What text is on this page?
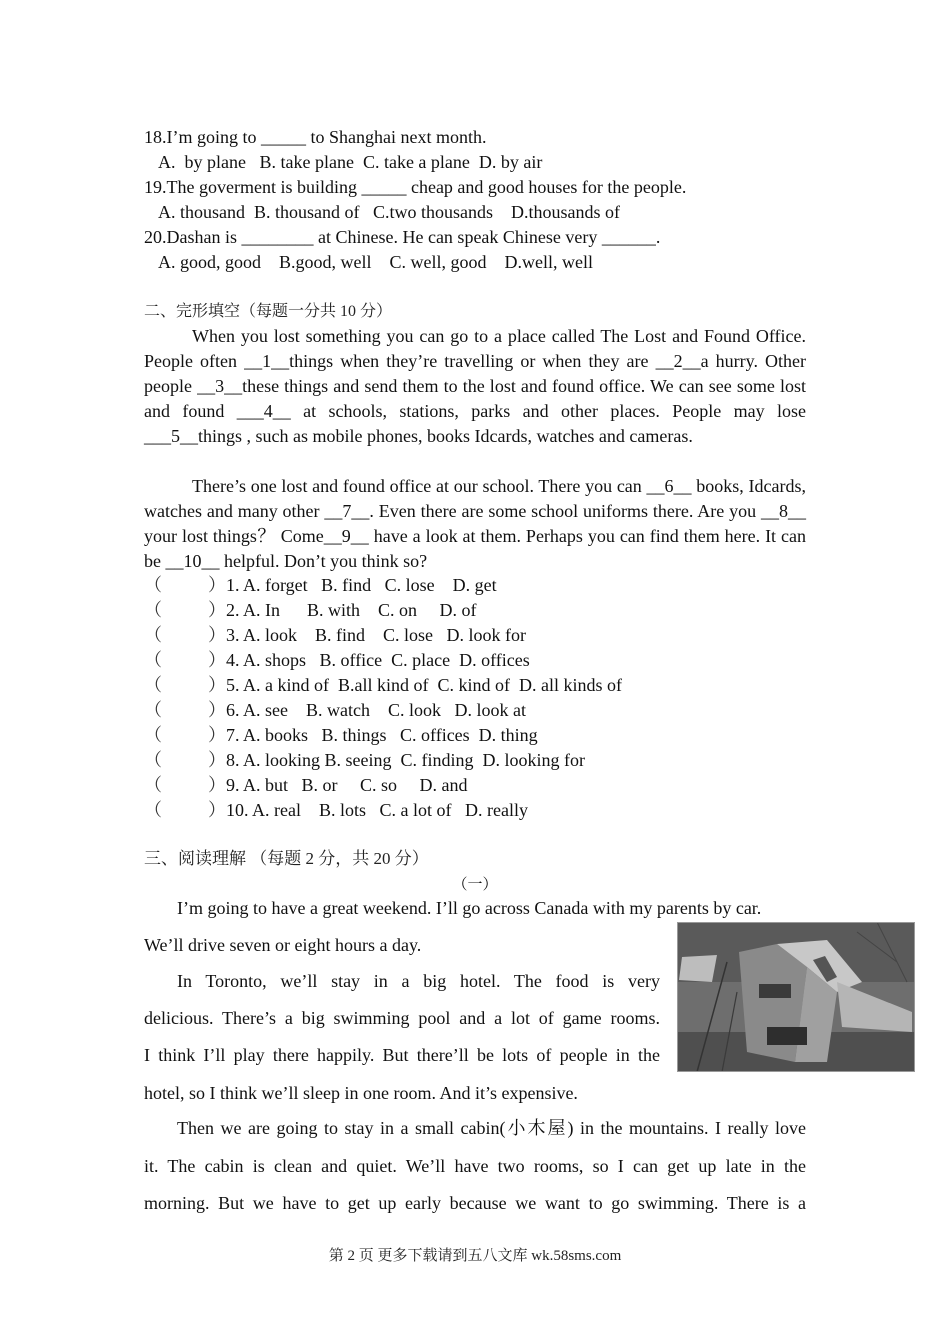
18.I’m going to _____ to Shanghai next month.
A.  by plane   B. take plane  C. take a plane  D. by air
19.The goverment is building _____ cheap and good houses for the people.
A. thousand  B. thousand of   C.two thousands    D.thousands of
20.Dashan is ________ at Chinese. He can speak Chinese very ______.
A. good, good    B.good, well    C. well, good    D.well, well
二、完形填空（每题一分共 10 分）
When you lost something you can go to a place called The Lost and Found Office. People often __1__things when they’re travelling or when they are __2__a hurry. Other people __3__these things and send them to the lost and found office. We can see some lost and found ___4__ at schools, stations, parks and other places. People may lose ___5__things , such as mobile phones, books Idcards, watches and cameras.
There’s one lost and found office at our school. There you can __6__ books, Idcards, watches and many other __7__. Even there are some school uniforms there. Are you __8__ your lost things？ Come__9__ have a look at them. Perhaps you can find them here. It can be __10__ helpful. Don’t you think so?
（	）1. A. forget   B. find   C. lose    D. get
（	）2. A. In      B. with    C. on     D. of
（	）3. A. look    B. find    C. lose   D. look for
（	）4. A. shops   B. office  C. place  D. offices
（	）5. A. a kind of  B.all kind of  C. kind of  D. all kinds of
（	）6. A. see    B. watch    C. look   D. look at
（	）7. A. books   B. things   C. offices  D. thing
（	）8. A. looking B. seeing  C. finding  D. looking for
（	）9. A. but   B. or     C. so     D. and
（	）10. A. real    B. lots   C. a lot of   D. really
三、阅读理解 （每题 2 分，共 20 分）
（一）
I’m going to have a great weekend. I’ll go across Canada with my parents by car.
We’ll drive seven or eight hours a day.
In Toronto, we’ll stay in a big hotel. The food is very
delicious. There’s a big swimming pool and a lot of game rooms.
I think I’ll play there happily. But there’ll be lots of people in the
hotel, so I think we’ll sleep in one room. And it’s expensive.
Then we are going to stay in a small cabin(小木屋) in the mountains. I really love
it. The cabin is clean and quiet. We’ll have two rooms, so I can get up late in the
morning. But we have to get up early because we want to go swimming. There is a
第 2 页 更多下载请到五八文库 wk.58sms.com
